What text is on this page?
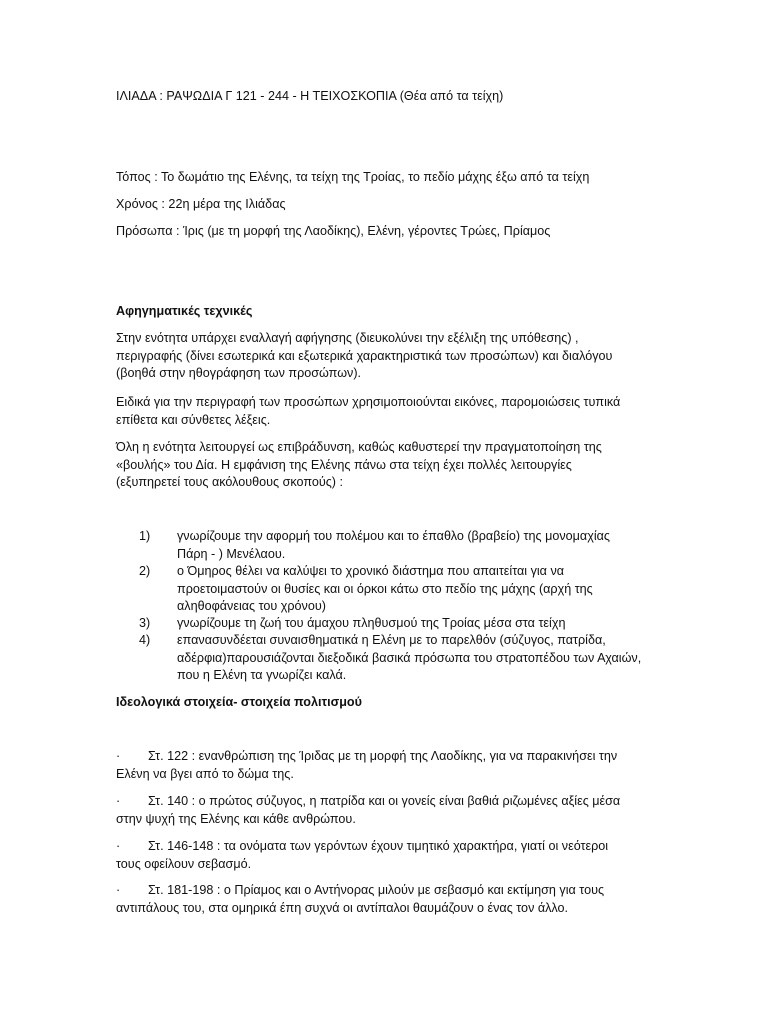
ΙΛΙΑΔΑ : ΡΑΨΩΔΙΑ Γ 121 - 244 - Η ΤΕΙΧΟΣΚΟΠΙΑ (Θέα από τα τείχη)
Τόπος : Το δωμάτιο της Ελένης, τα τείχη της Τροίας, το πεδίο μάχης έξω από τα τείχη
Χρόνος : 22η μέρα της Ιλιάδας
Πρόσωπα : Ίρις (με τη μορφή της Λαοδίκης), Ελένη, γέροντες Τρώες, Πρίαμος
Αφηγηματικές τεχνικές
Στην ενότητα υπάρχει εναλλαγή αφήγησης (διευκολύνει την εξέλιξη της υπόθεσης) ,
περιγραφής (δίνει εσωτερικά και εξωτερικά χαρακτηριστικά των προσώπων) και διαλόγου
(βοηθά στην ηθογράφηση των προσώπων).
Ειδικά για την περιγραφή των προσώπων χρησιμοποιούνται εικόνες, παρομοιώσεις τυπικά
επίθετα και σύνθετες λέξεις.
Όλη η ενότητα λειτουργεί ως επιβράδυνση, καθώς καθυστερεί την πραγματοποίηση της
«βουλής» του Δία. Η εμφάνιση της Ελένης πάνω στα τείχη έχει πολλές λειτουργίες
(εξυπηρετεί τους ακόλουθους σκοπούς) :
1)	γνωρίζουμε την αφορμή του πολέμου και το έπαθλο (βραβείο) της μονομαχίας
Πάρη - ) Μενέλαου.
2)	ο Όμηρος θέλει να καλύψει το χρονικό διάστημα που απαιτείται για να
προετοιμαστούν οι θυσίες και οι όρκοι κάτω στο πεδίο της μάχης (αρχή της
αληθοφάνειας του χρόνου)
3)	γνωρίζουμε τη ζωή του άμαχου πληθυσμού της Τροίας μέσα στα τείχη
4)	επανασυνδέεται συναισθηματικά η Ελένη με το παρελθόν (σύζυγος, πατρίδα,
αδέρφια)παρουσιάζονται διεξοδικά βασικά πρόσωπα του στρατοπέδου των Αχαιών,
που η Ελένη τα γνωρίζει καλά.
Ιδεολογικά στοιχεία- στοιχεία πολιτισμού
·	Στ. 122 : ενανθρώπιση της Ίριδας με τη μορφή της Λαοδίκης, για να παρακινήσει την
Ελένη να βγει από το δώμα της.
·	Στ. 140 : ο πρώτος σύζυγος, η πατρίδα και οι γονείς είναι βαθιά ριζωμένες αξίες μέσα
στην ψυχή της Ελένης και κάθε ανθρώπου.
·	Στ. 146-148 : τα ονόματα των γερόντων έχουν τιμητικό χαρακτήρα, γιατί οι νεότεροι
τους οφείλουν σεβασμό.
·	Στ. 181-198 : ο Πρίαμος και ο Αντήνορας μιλούν με σεβασμό και εκτίμηση για τους
αντιπάλους του, στα ομηρικά έπη συχνά οι αντίπαλοι θαυμάζουν ο ένας τον άλλο.
